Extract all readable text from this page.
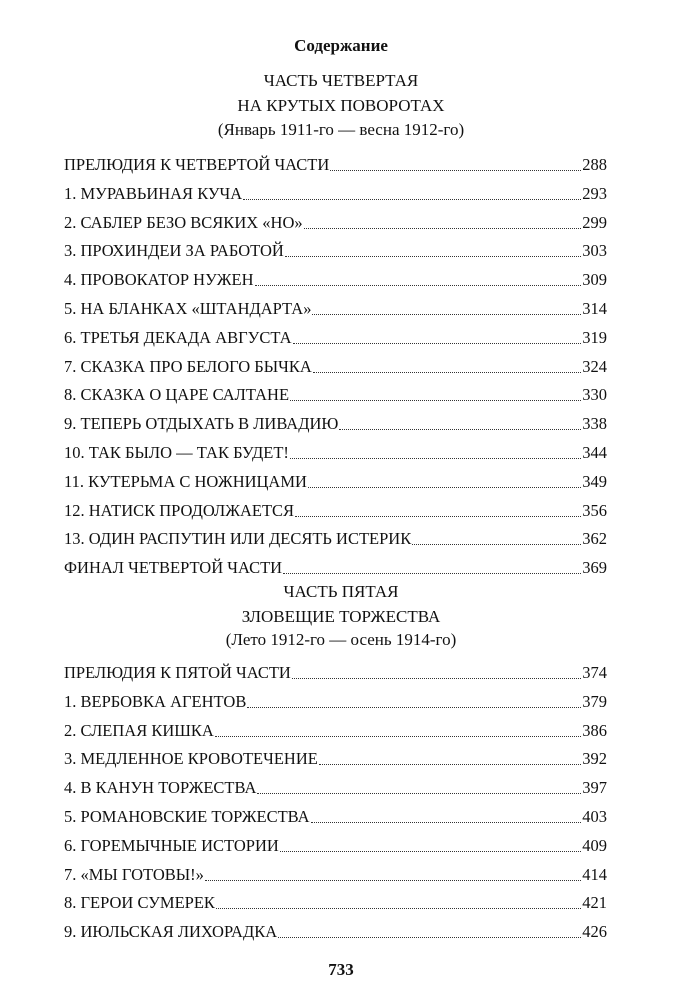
Содержание
ЧАСТЬ ЧЕТВЕРТАЯ
НА КРУТЫХ ПОВОРОТАХ
(Январь 1911-го — весна 1912-го)
ПРЕЛЮДИЯ К ЧЕТВЕРТОЙ ЧАСТИ	288
1. МУРАВЬИНАЯ КУЧА	293
2. САБЛЕР БЕЗО ВСЯКИХ «НО»	299
3. ПРОХИНДЕИ ЗА РАБОТОЙ	303
4. ПРОВОКАТОР НУЖЕН	309
5. НА БЛАНКАХ «ШТАНДАРТА»	314
6. ТРЕТЬЯ ДЕКАДА АВГУСТА	319
7. СКАЗКА ПРО БЕЛОГО БЫЧКА	324
8. СКАЗКА О ЦАРЕ САЛТАНЕ	330
9. ТЕПЕРЬ ОТДЫХАТЬ В ЛИВАДИЮ	338
10. ТАК БЫЛО — ТАК БУДЕТ!	344
11. КУТЕРЬМА С НОЖНИЦАМИ	349
12. НАТИСК ПРОДОЛЖАЕТСЯ	356
13. ОДИН РАСПУТИН ИЛИ ДЕСЯТЬ ИСТЕРИК	362
ФИНАЛ ЧЕТВЕРТОЙ ЧАСТИ	369
ЧАСТЬ ПЯТАЯ
ЗЛОВЕЩИЕ ТОРЖЕСТВА
(Лето 1912-го — осень 1914-го)
ПРЕЛЮДИЯ К ПЯТОЙ ЧАСТИ	374
1. ВЕРБОВКА АГЕНТОВ	379
2. СЛЕПАЯ КИШКА	386
3. МЕДЛЕННОЕ КРОВОТЕЧЕНИЕ	392
4. В КАНУН ТОРЖЕСТВА	397
5. РОМАНОВСКИЕ ТОРЖЕСТВА	403
6. ГОРЕМЫЧНЫЕ ИСТОРИИ	409
7. «МЫ ГОТОВЫ!»	414
8. ГЕРОИ СУМЕРЕК	421
9. ИЮЛЬСКАЯ ЛИХОРАДКА	426
733
